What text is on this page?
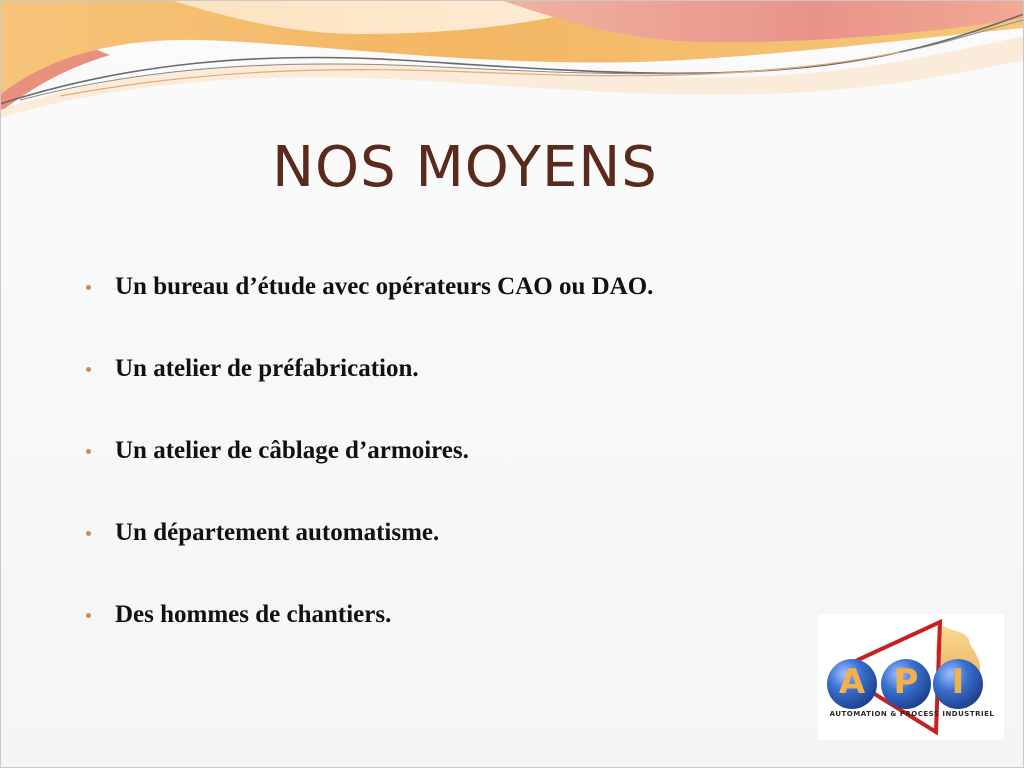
NOS MOYENS
Un bureau d’étude avec opérateurs CAO ou DAO.
Un atelier de préfabrication.
Un atelier de câblage d’armoires.
Un département automatisme.
Des hommes de chantiers.
A P I
AUTOMATION & PROCESS INDUSTRIEL
